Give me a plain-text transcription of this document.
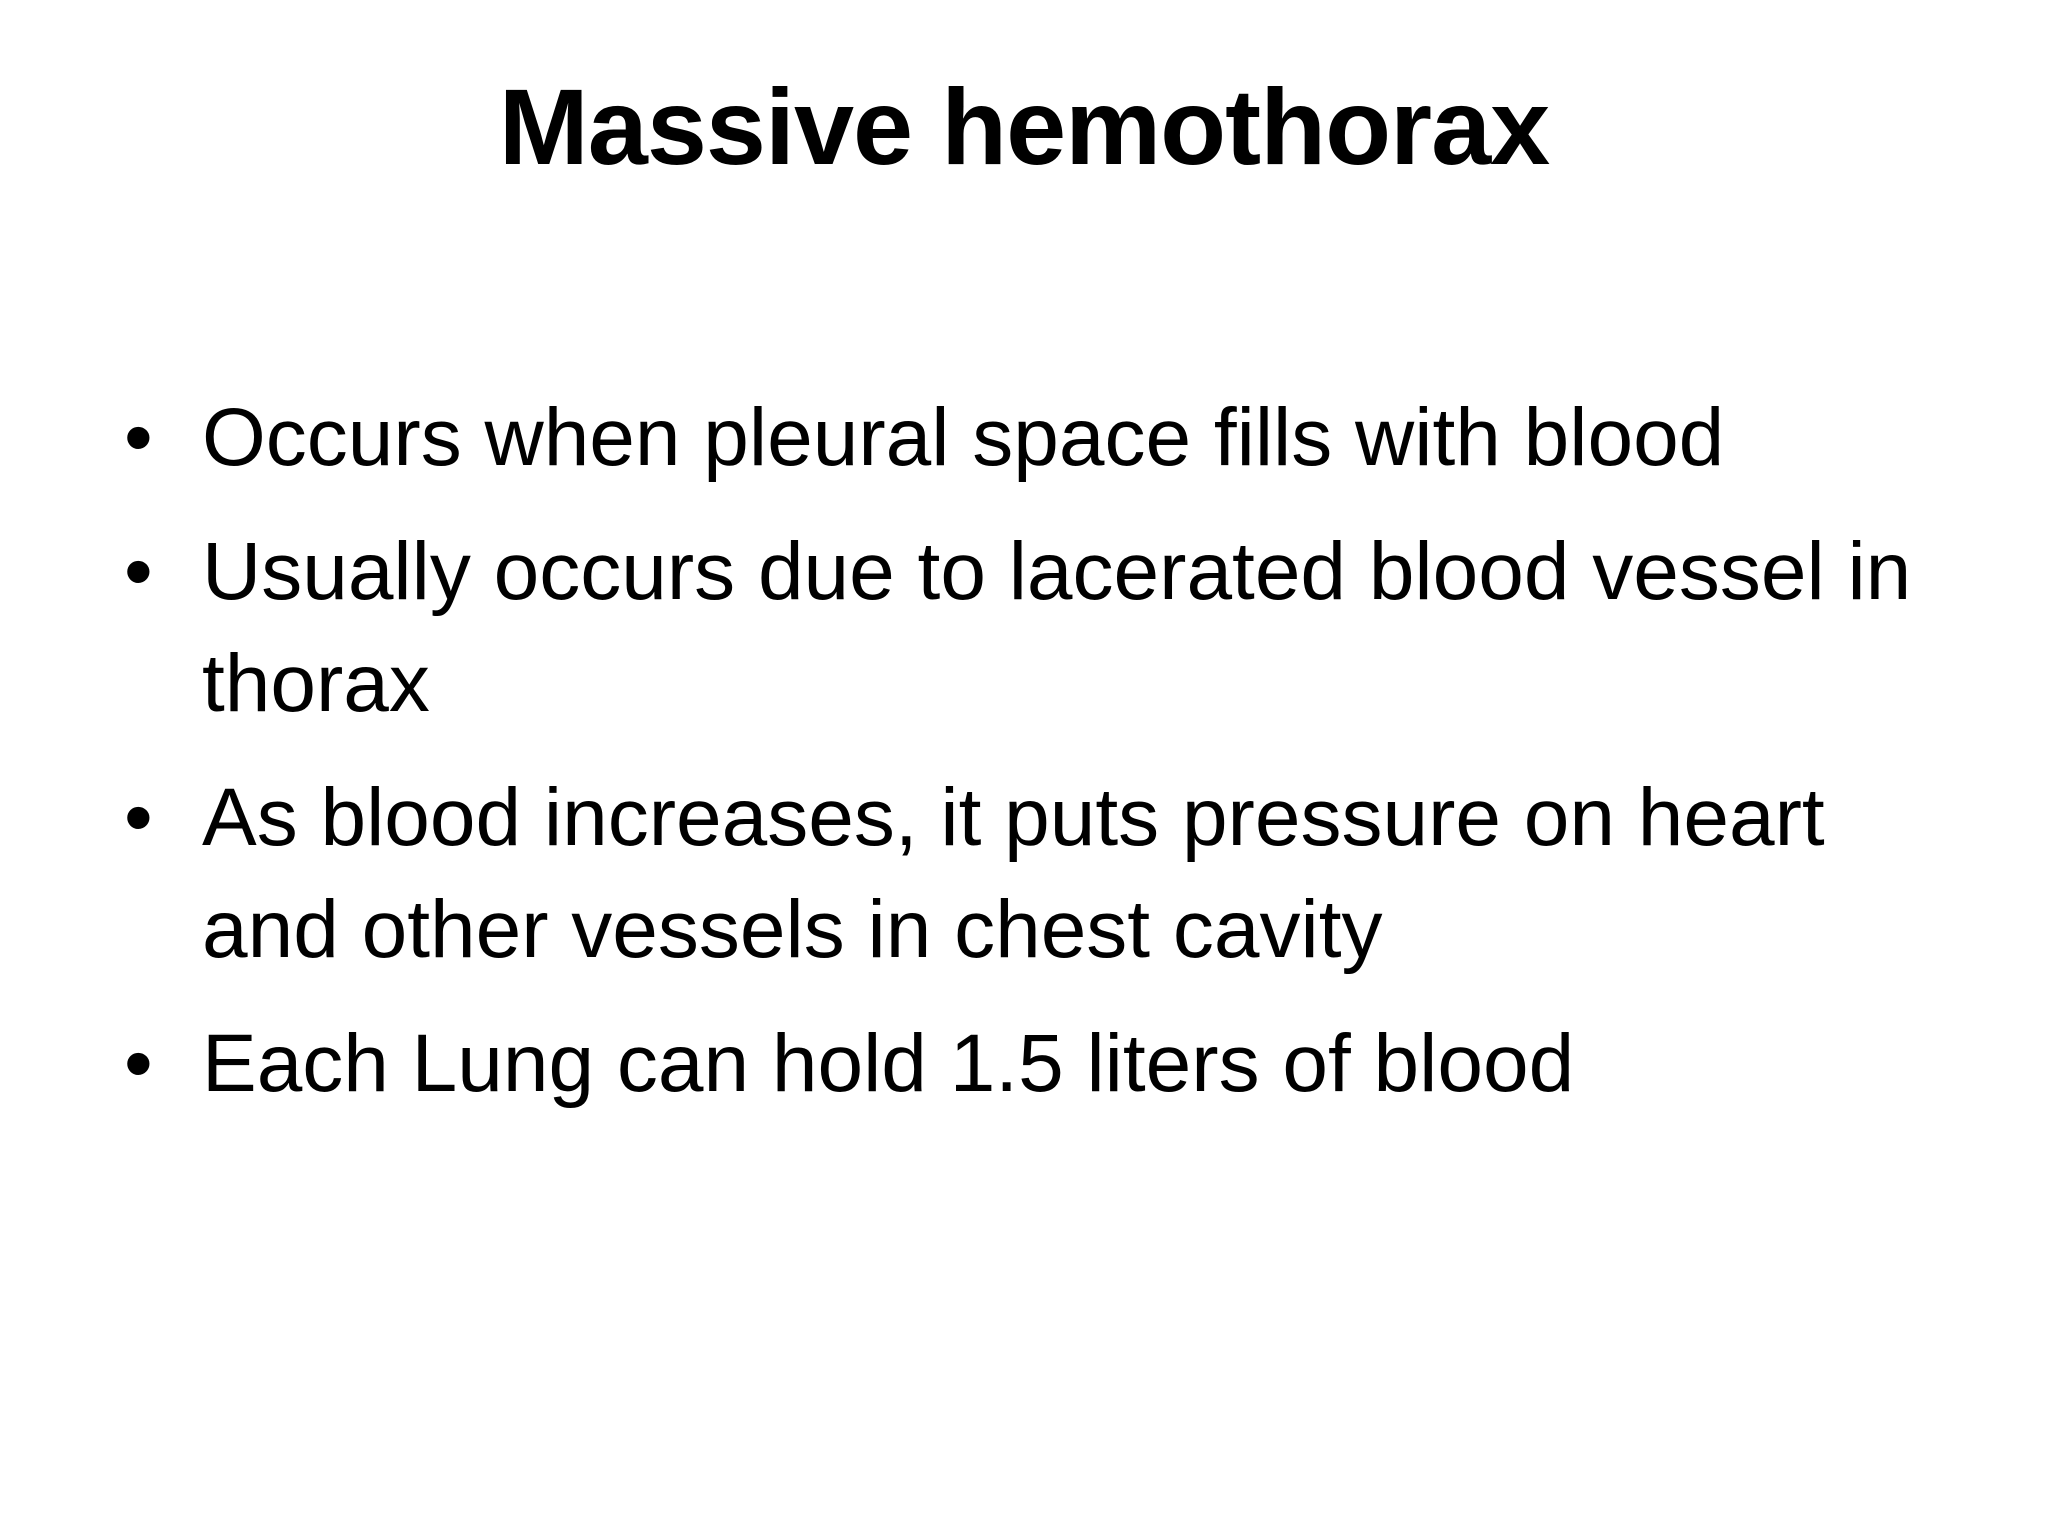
Massive hemothorax
• Occurs when pleural space fills with blood
• Usually occurs due to lacerated blood vessel in thorax
• As blood increases, it puts pressure on heart and other vessels in chest cavity
• Each Lung can hold 1.5 liters of blood
